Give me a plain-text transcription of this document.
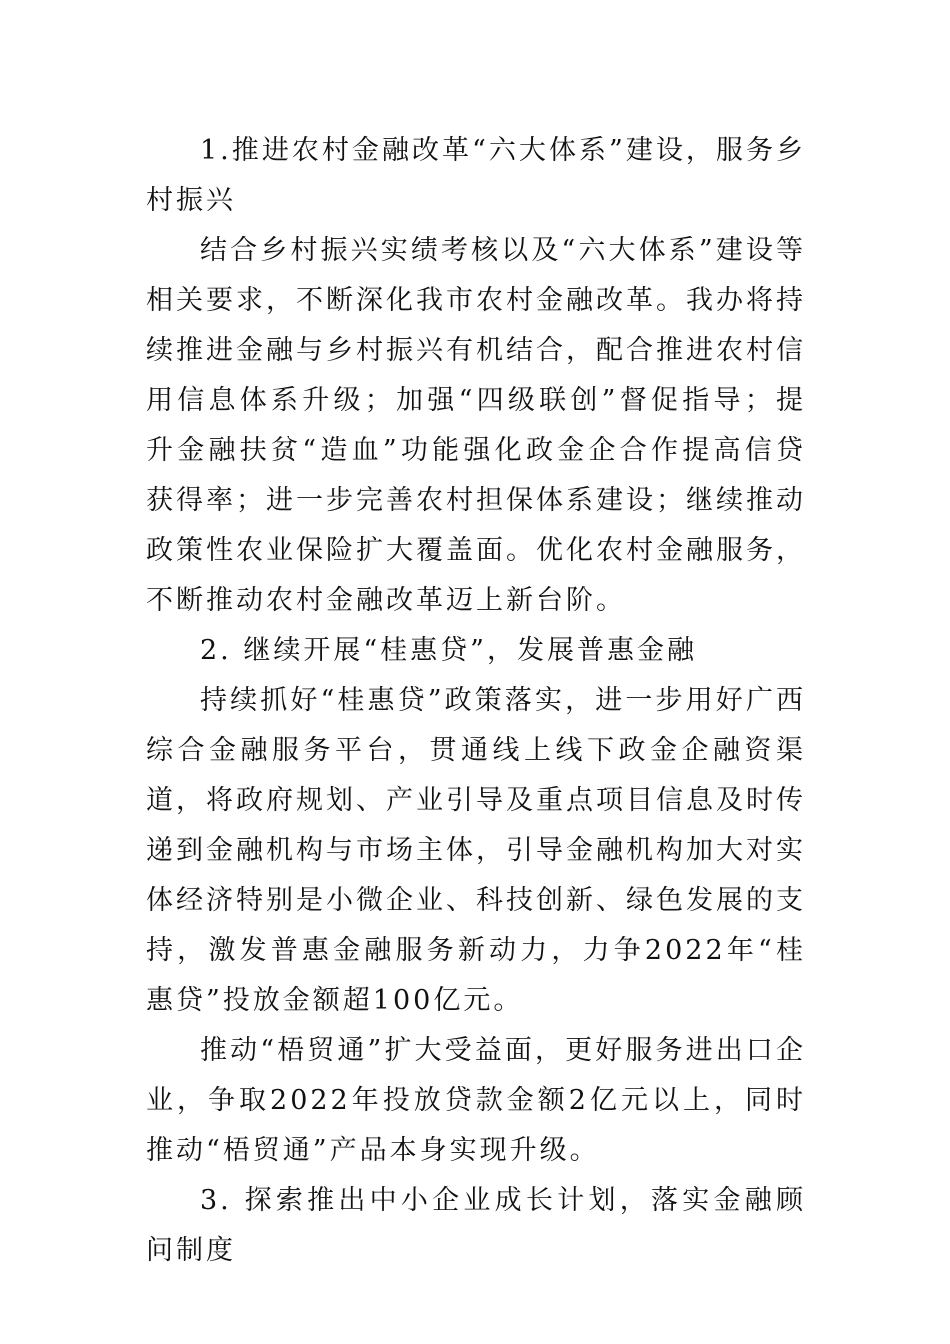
1.推进农村金融改革“六大体系”建设，服务乡村振兴

结合乡村振兴实绩考核以及“六大体系”建设等相关要求，不断深化我市农村金融改革。我办将持续推进金融与乡村振兴有机结合，配合推进农村信用信息体系升级；加强“四级联创”督促指导；提升金融扶贫“造血”功能强化政金企合作提高信贷获得率；进一步完善农村担保体系建设；继续推动政策性农业保险扩大覆盖面。优化农村金融服务，不断推动农村金融改革迈上新台阶。

2. 继续开展“桂惠贷”，发展普惠金融

持续抓好“桂惠贷”政策落实，进一步用好广西综合金融服务平台，贯通线上线下政金企融资渠道，将政府规划、产业引导及重点项目信息及时传递到金融机构与市场主体，引导金融机构加大对实体经济特别是小微企业、科技创新、绿色发展的支持，激发普惠金融服务新动力，力争2022年“桂惠贷”投放金额超100亿元。

推动“梧贸通”扩大受益面，更好服务进出口企业，争取2022年投放贷款金额2亿元以上，同时推动“梧贸通”产品本身实现升级。

3. 探索推出中小企业成长计划，落实金融顾问制度
